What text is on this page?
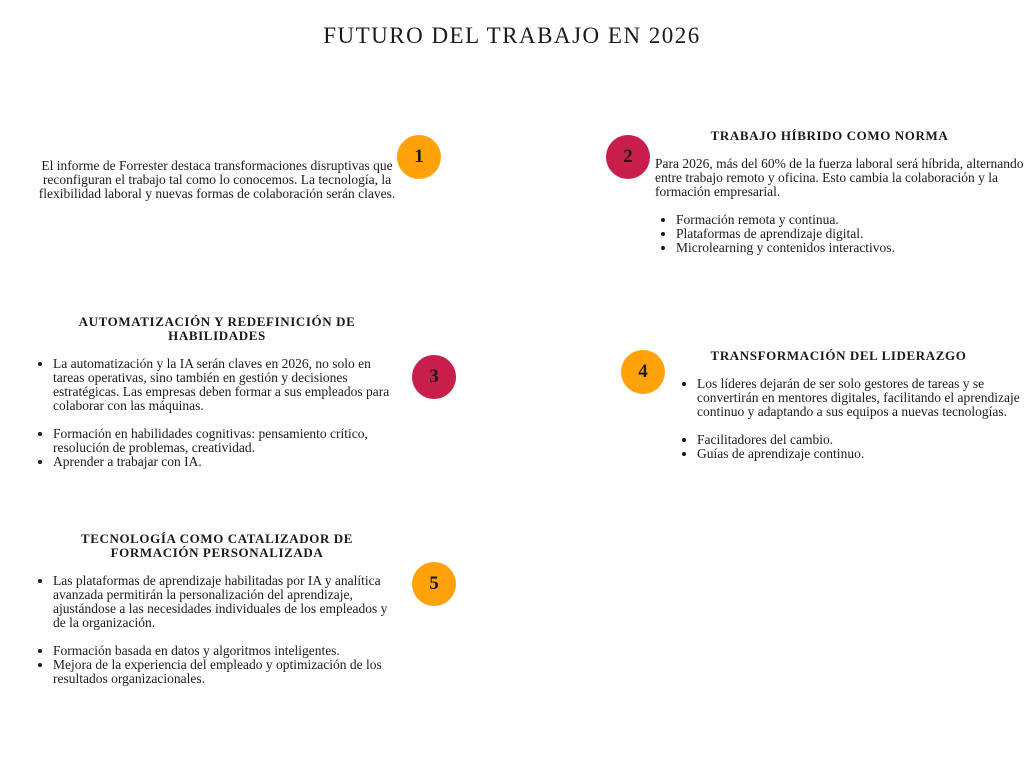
FUTURO DEL TRABAJO EN 2026
1	2
3	4
5

El informe de Forrester destaca transformaciones disruptivas que reconfiguran el trabajo tal como lo conocemos. La tecnología, la flexibilidad laboral y nuevas formas de colaboración serán claves.

TRABAJO HÍBRIDO COMO NORMA

Para 2026, más del 60% de la fuerza laboral será híbrida, alternando entre trabajo remoto y oficina. Esto cambia la colaboración y la formación empresarial.

• Formación remota y continua.
• Plataformas de aprendizaje digital.
• Microlearning y contenidos interactivos.
AUTOMATIZACIÓN Y REDEFINICIÓN DE
HABILIDADES
• La automatización y la IA serán claves en 2026, no solo en tareas operativas, sino también en gestión y decisiones estratégicas. Las empresas deben formar a sus empleados para colaborar con las máquinas.
• Formación en habilidades cognitivas: pensamiento crítico, resolución de problemas, creatividad.
• Aprender a trabajar con IA.
TRANSFORMACIÓN DEL LIDERAZGO
• Los líderes dejarán de ser solo gestores de tareas y se convertirán en mentores digitales, facilitando el aprendizaje continuo y adaptando a sus equipos a nuevas tecnologías.
• Facilitadores del cambio.
• Guías de aprendizaje continuo.
TECNOLOGÍA COMO CATALIZADOR DE
FORMACIÓN PERSONALIZADA
• Las plataformas de aprendizaje habilitadas por IA y analítica avanzada permitirán la personalización del aprendizaje, ajustándose a las necesidades individuales de los empleados y de la organización.
• Formación basada en datos y algoritmos inteligentes.
• Mejora de la experiencia del empleado y optimización de los resultados organizacionales.
